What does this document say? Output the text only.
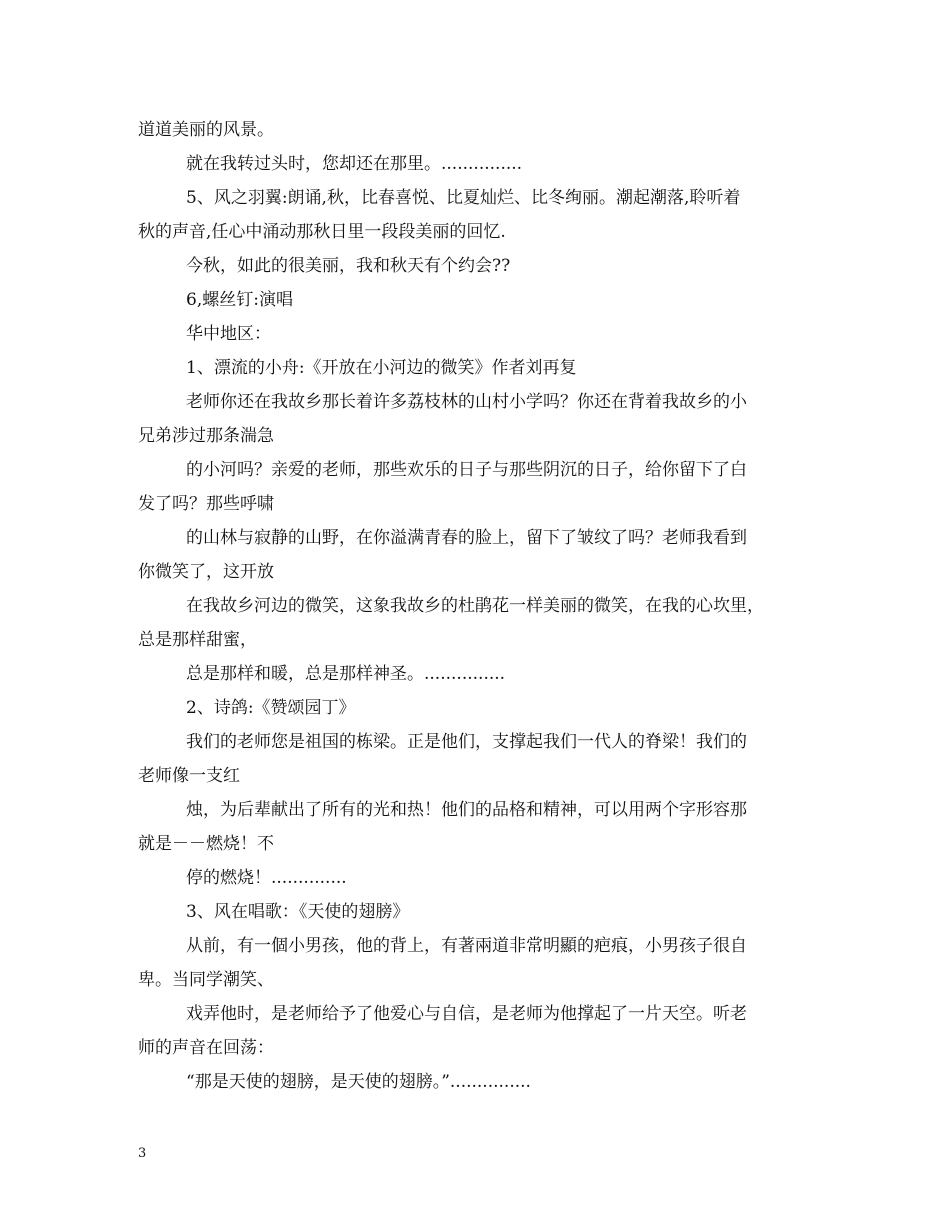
道道美丽的风景。

就在我转过头时，您却还在那里。...............

5、风之羽翼:朗诵,秋，比春喜悦、比夏灿烂、比冬绚丽。潮起潮落,聆听着

秋的声音,任心中涌动那秋日里一段段美丽的回忆.

今秋，如此的很美丽，我和秋天有个约会??

6,螺丝钉:演唱

华中地区：

1、漂流的小舟:《开放在小河边的微笑》作者刘再复

老师你还在我故乡那长着许多荔枝林的山村小学吗？你还在背着我故乡的小

兄弟涉过那条湍急

的小河吗？亲爱的老师，那些欢乐的日子与那些阴沉的日子，给你留下了白

发了吗？那些呼啸

的山林与寂静的山野，在你溢满青春的脸上，留下了皱纹了吗？老师我看到

你微笑了，这开放

在我故乡河边的微笑，这象我故乡的杜鹃花一样美丽的微笑，在我的心坎里，

总是那样甜蜜，

总是那样和暖，总是那样神圣。...............

2、诗鸽:《赞颂园丁》

我们的老师您是祖国的栋梁。正是他们，支撑起我们一代人的脊梁！我们的

老师像一支红

烛，为后辈献出了所有的光和热！他们的品格和精神，可以用两个字形容那

就是－－燃烧！不

停的燃烧！..............

3、风在唱歌：《天使的翅膀》

从前，有一個小男孩，他的背上，有著兩道非常明顯的疤痕，小男孩子很自

卑。当同学潮笑、

戏弄他时，是老师给予了他爱心与自信，是老师为他撑起了一片天空。听老

师的声音在回荡：

“那是天使的翅膀，是天使的翅膀。”...............

3
